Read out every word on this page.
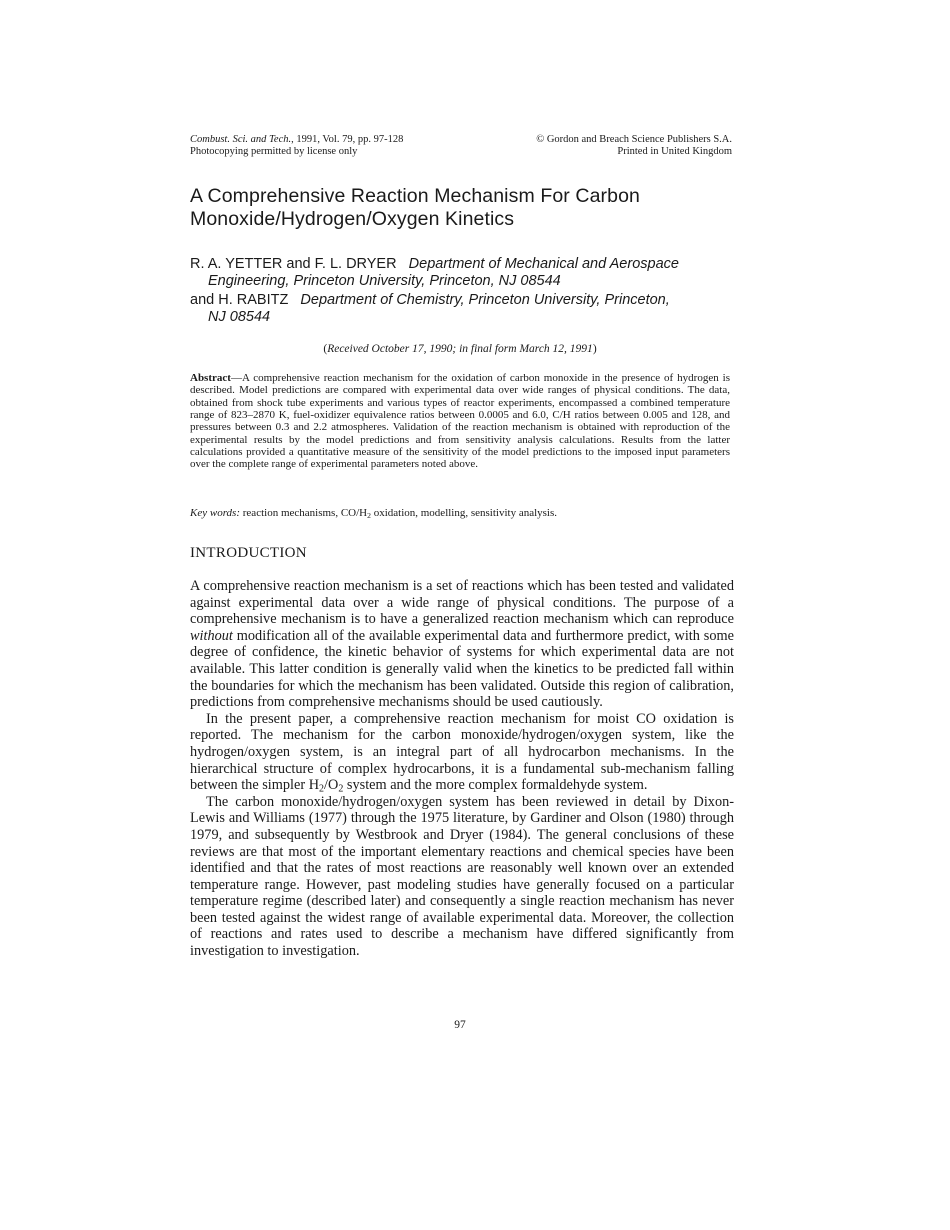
Combust. Sci. and Tech., 1991, Vol. 79, pp. 97-128
Photocopying permitted by license only
© Gordon and Breach Science Publishers S.A.
Printed in United Kingdom
A Comprehensive Reaction Mechanism For Carbon
Monoxide/Hydrogen/Oxygen Kinetics
R. A. YETTER and F. L. DRYER Department of Mechanical and Aerospace
Engineering, Princeton University, Princeton, NJ 08544
and H. RABITZ Department of Chemistry, Princeton University, Princeton,
NJ 08544
(Received October 17, 1990; in final form March 12, 1991)
Abstract—A comprehensive reaction mechanism for the oxidation of carbon monoxide in the presence of hydrogen is described. Model predictions are compared with experimental data over wide ranges of physical conditions. The data, obtained from shock tube experiments and various types of reactor experiments, encompassed a combined temperature range of 823–2870 K, fuel-oxidizer equivalence ratios between 0.0005 and 6.0, C/H ratios between 0.005 and 128, and pressures between 0.3 and 2.2 atmospheres. Validation of the reaction mechanism is obtained with reproduction of the experimental results by the model predictions and from sensitivity analysis calculations. Results from the latter calculations provided a quantitative measure of the sensitivity of the model predictions to the imposed input parameters over the complete range of experimental parameters noted above.
Key words: reaction mechanisms, $CO/H_2$ oxidation, modelling, sensitivity analysis.
INTRODUCTION

A comprehensive reaction mechanism is a set of reactions which has been tested and validated against experimental data over a wide range of physical conditions. The purpose of a comprehensive mechanism is to have a generalized reaction mechanism which can reproduce without modification all of the available experimental data and furthermore predict, with some degree of confidence, the kinetic behavior of systems for which experimental data are not available. This latter condition is generally valid when the kinetics to be predicted fall within the boundaries for which the mechanism has been validated. Outside this region of calibration, predictions from comprehensive mechanisms should be used cautiously.

In the present paper, a comprehensive reaction mechanism for moist CO oxidation is reported. The mechanism for the carbon monoxide/hydrogen/oxygen system, like the hydrogen/oxygen system, is an integral part of all hydrocarbon mechanisms. In the hierarchical structure of complex hydrocarbons, it is a fundamental sub-mechanism falling between the simpler $H_2/O_2$ system and the more complex formaldehyde system.

The carbon monoxide/hydrogen/oxygen system has been reviewed in detail by Dixon-Lewis and Williams (1977) through the 1975 literature, by Gardiner and Olson (1980) through 1979, and subsequently by Westbrook and Dryer (1984). The general conclusions of these reviews are that most of the important elementary reactions and chemical species have been identified and that the rates of most reactions are reasonably well known over an extended temperature range. However, past modeling studies have generally focused on a particular temperature regime (described later) and consequently a single reaction mechanism has never been tested against the widest range of available experimental data. Moreover, the collection of reactions and rates used to describe a mechanism have differed significantly from investigation to investigation.

97
